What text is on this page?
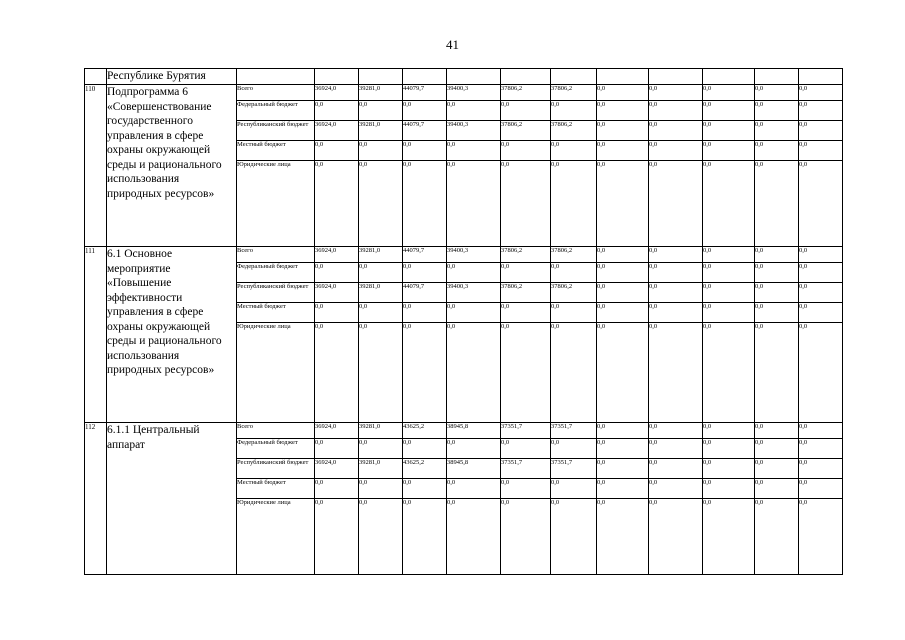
41
	Республике Бурятия												
110	Подпрограмма 6 «Совершенствование государственного управления в сфере охраны окружающей среды и рационального использования природных ресурсов»	Всего	36924,0	39281,0	44079,7	39400,3	37806,2	37806,2	0,0	0,0	0,0	0,0	0,0
		Федеральный бюджет	0,0	0,0	0,0	0,0	0,0	0,0	0,0	0,0	0,0	0,0	0,0
		Республиканский бюджет	36924,0	39281,0	44079,7	39400,3	37806,2	37806,2	0,0	0,0	0,0	0,0	0,0
		Местный бюджет	0,0	0,0	0,0	0,0	0,0	0,0	0,0	0,0	0,0	0,0	0,0
		Юридические лица	0,0	0,0	0,0	0,0	0,0	0,0	0,0	0,0	0,0	0,0	0,0
111	6.1 Основное мероприятие «Повышение эффективности управления в сфере охраны окружающей среды и рационального использования природных ресурсов»	Всего	36924,0	39281,0	44079,7	39400,3	37806,2	37806,2	0,0	0,0	0,0	0,0	0,0
		Федеральный бюджет	0,0	0,0	0,0	0,0	0,0	0,0	0,0	0,0	0,0	0,0	0,0
		Республиканский бюджет	36924,0	39281,0	44079,7	39400,3	37806,2	37806,2	0,0	0,0	0,0	0,0	0,0
		Местный бюджет	0,0	0,0	0,0	0,0	0,0	0,0	0,0	0,0	0,0	0,0	0,0
		Юридические лица	0,0	0,0	0,0	0,0	0,0	0,0	0,0	0,0	0,0	0,0	0,0
112	6.1.1 Центральный аппарат	Всего	36924,0	39281,0	43625,2	38945,8	37351,7	37351,7	0,0	0,0	0,0	0,0	0,0
		Федеральный бюджет	0,0	0,0	0,0	0,0	0,0	0,0	0,0	0,0	0,0	0,0	0,0
		Республиканский бюджет	36924,0	39281,0	43625,2	38945,8	37351,7	37351,7	0,0	0,0	0,0	0,0	0,0
		Местный бюджет	0,0	0,0	0,0	0,0	0,0	0,0	0,0	0,0	0,0	0,0	0,0
		Юридические лица	0,0	0,0	0,0	0,0	0,0	0,0	0,0	0,0	0,0	0,0	0,0
